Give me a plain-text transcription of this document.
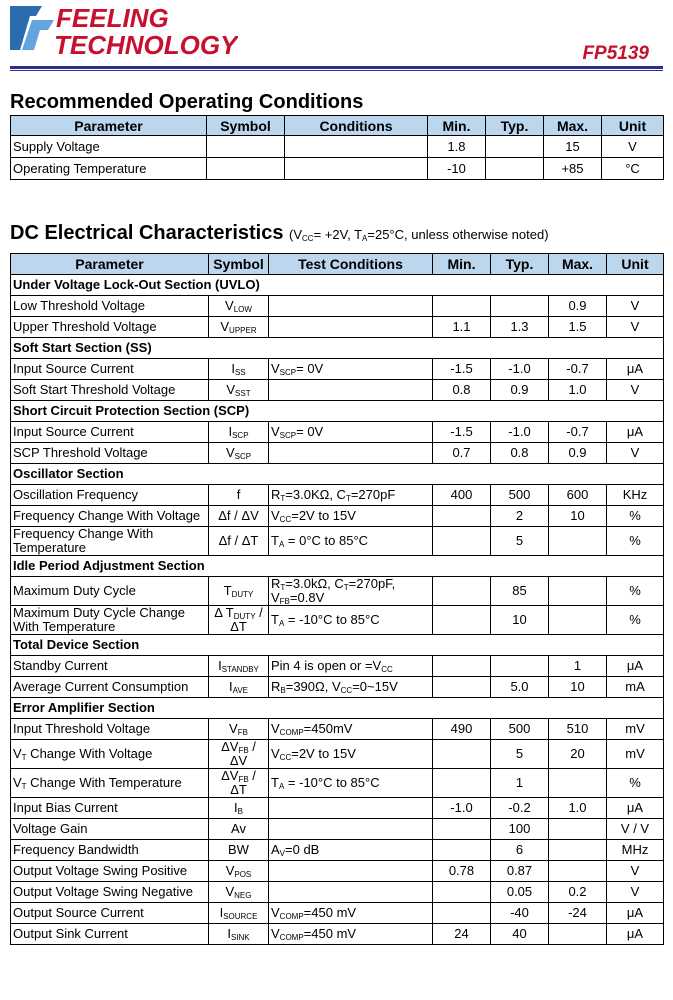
FEELING
TECHNOLOGY	FP5139
Recommended Operating Conditions
Parameter	Symbol	Conditions	Min.	Typ.	Max.	Unit
Supply Voltage			1.8		15	V
Operating Temperature			-10		+85	°C
DC Electrical Characteristics ($V_{CC}= +2V$, $T_A=25^\circ C$, unless otherwise noted)
Parameter	Symbol	Test Conditions	Min.	Typ.	Max.	Unit
Under Voltage Lock-Out Section (UVLO)						
Low Threshold Voltage	$V_{LOW}$				0.9	V
Upper Threshold Voltage	$V_{UPPER}$		1.1	1.3	1.5	V
Soft Start Section (SS)						
Input Source Current	$I_{SS}$	$V_{SCP}= 0V$	-1.5	-1.0	-0.7	μA
Soft Start Threshold Voltage	$V_{SST}$		0.8	0.9	1.0	V
Short Circuit Protection Section (SCP)						
Input Source Current	$I_{SCP}$	$V_{SCP}= 0V$	-1.5	-1.0	-0.7	μA
SCP Threshold Voltage	$V_{SCP}$		0.7	0.8	0.9	V
Oscillator Section						
Oscillation Frequency	f	$R_T=3.0K\Omega$, $C_T=270pF$	400	500	600	KHz
Frequency Change With Voltage	Δf / ΔV	$V_{CC}=2V$ to 15V		2	10	%
Frequency Change With Temperature	Δf / ΔT	$T_A = 0^\circ C$ to 85°C		5		%
Idle Period Adjustment Section						
Maximum Duty Cycle	$T_{DUTY}$	$R_T=3.0k\Omega$, $C_T=270pF$, $V_{FB}=0.8V$		85		%
Maximum Duty Cycle Change With Temperature	Δ $T_{DUTY}$ / ΔT	$T_A = -10^\circ C$ to 85°C		10		%
Total Device Section						
Standby Current	$I_{STANDBY}$	Pin 4 is open or $=V_{CC}$			1	μA
Average Current Consumption	$I_{AVE}$	$R_B=390\Omega$, $V_{CC}=0\sim 15V$		5.0	10	mA
Error Amplifier Section						
Input Threshold Voltage	$V_{FB}$	$V_{COMP}=450mV$	490	500	510	mV
$V_T$ Change With Voltage	$\Delta V_{FB}$ / ΔV	$V_{CC}=2V$ to 15V		5	20	mV
$V_T$ Change With Temperature	$\Delta V_{FB}$ / ΔT	$T_A = -10^\circ C$ to 85°C		1		%
Input Bias Current	$I_B$		-1.0	-0.2	1.0	μA
Voltage Gain	Av			100		V / V
Frequency Bandwidth	BW	$A_V=0$ dB		6		MHz
Output Voltage Swing Positive	$V_{POS}$		0.78	0.87		V
Output Voltage Swing Negative	$V_{NEG}$			0.05	0.2	V
Output Source Current	$I_{SOURCE}$	$V_{COMP}=450$ mV		-40	-24	μA
Output Sink Current	$I_{SINK}$	$V_{COMP}=450$ mV	24	40		μA
